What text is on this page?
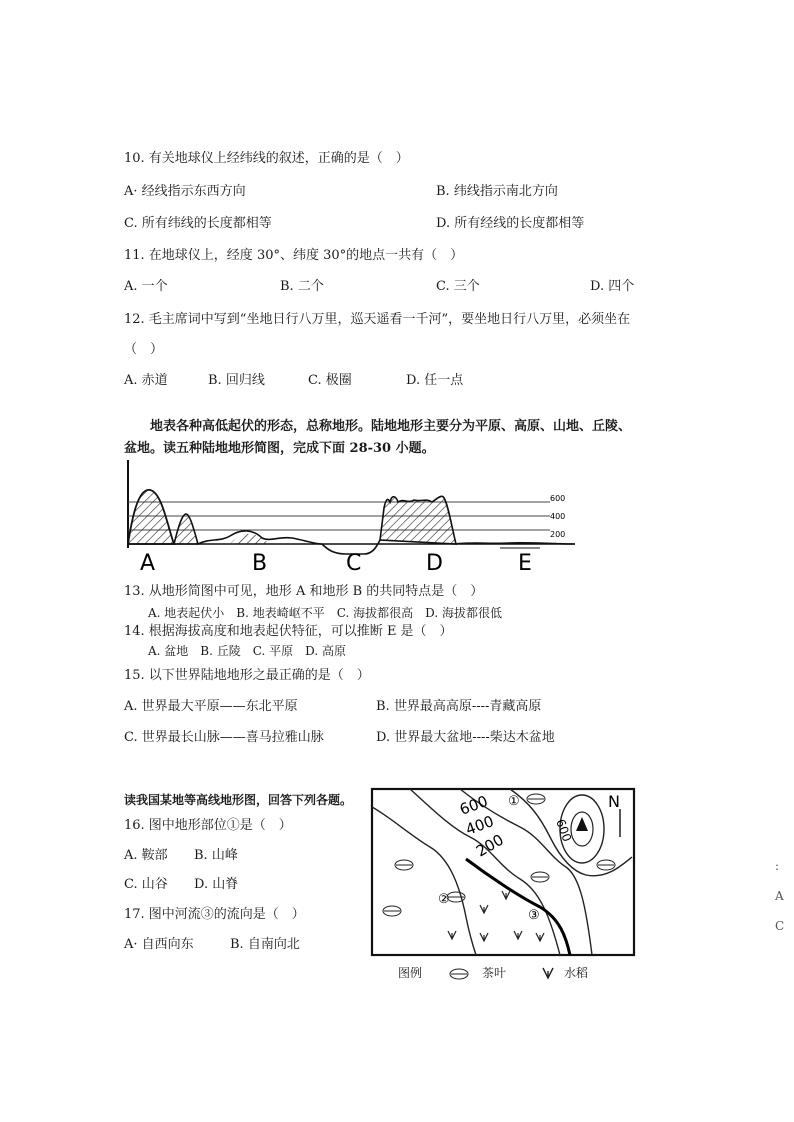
10. 有关地球仪上经纬线的叙述，正确的是（　）
A· 经线指示东西方向	B. 纬线指示南北方向
C. 所有纬线的长度都相等	D. 所有经线的长度都相等
11. 在地球仪上，经度 30°、纬度 30°的地点一共有（　）
A. 一个	B. 二个	C. 三个	D. 四个
12. 毛主席词中写到“坐地日行八万里，巡天遥看一千河”，要坐地日行八万里，必须坐在
（　）
A. 赤道	B. 回归线	C. 极圈	D. 任一点
地表各种高低起伏的形态，总称地形。陆地地形主要分为平原、高原、山地、丘陵、
盆地。读五种陆地地形简图，完成下面 28-30 小题。
600
400
200
A	B	C	D	E
13. 从地形简图中可见，地形 A 和地形 B 的共同特点是（　）
A. 地表起伏小　B. 地表崎岖不平　C. 海拔都很高　D. 海拔都很低
14. 根据海拔高度和地表起伏特征，可以推断 E 是（　）
A. 盆地　B. 丘陵　C. 平原　D. 高原
15. 以下世界陆地地形之最正确的是（　）
A. 世界最大平原——东北平原	B. 世界最高高原----青藏高原
C. 世界最长山脉——喜马拉雅山脉	D. 世界最大盆地----柴达木盆地
读我国某地等高线地形图，回答下列各题。
16. 图中地形部位①是（　）
A. 鞍部 B. 山峰
C. 山谷 D. 山脊
17. 图中河流③的流向是（　）
A· 自西向东	B. 自南向北
600
400
200
600
①
②
③
N
图例	茶叶	水稻
:
A
C
